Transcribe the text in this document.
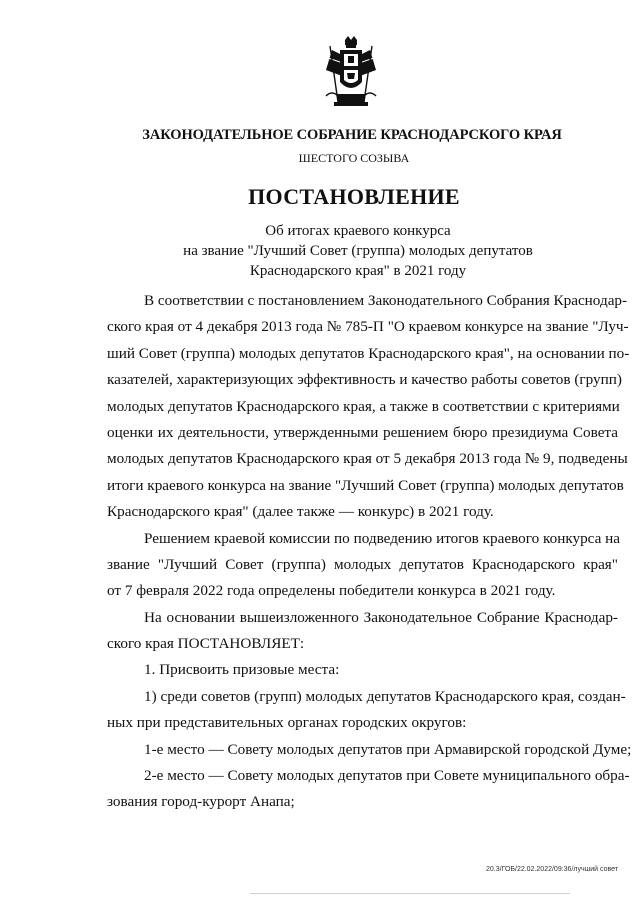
ЗАКОНОДАТЕЛЬНОЕ СОБРАНИЕ КРАСНОДАРСКОГО КРАЯ
ШЕСТОГО СОЗЫВА
ПОСТАНОВЛЕНИЕ
Об итогах краевого конкурса
на звание "Лучший Совет (группа) молодых депутатов
Краснодарского края" в 2021 году
В соответствии с постановлением Законодательного Собрания Краснодар-
ского края от 4 декабря 2013 года № 785-П "О краевом конкурсе на звание "Луч-
ший Совет (группа) молодых депутатов Краснодарского края", на основании по-
казателей, характеризующих эффективность и качество работы советов (групп)
молодых депутатов Краснодарского края, а также в соответствии с критериями
оценки их деятельности, утвержденными решением бюро президиума Совета
молодых депутатов Краснодарского края от 5 декабря 2013 года № 9, подведены
итоги краевого конкурса на звание "Лучший Совет (группа) молодых депутатов
Краснодарского края" (далее также — конкурс) в 2021 году.
Решением краевой комиссии по подведению итогов краевого конкурса на
звание "Лучший Совет (группа) молодых депутатов Краснодарского края"
от 7 февраля 2022 года определены победители конкурса в 2021 году.
На основании вышеизложенного Законодательное Собрание Краснодар-
ского края ПОСТАНОВЛЯЕТ:
1. Присвоить призовые места:
1) среди советов (групп) молодых депутатов Краснодарского края, создан-
ных при представительных органах городских округов:
1-е место — Совету молодых депутатов при Армавирской городской Думе;
2-е место — Совету молодых депутатов при Совете муниципального обра-
зования город-курорт Анапа;
20.3/ГОБ/22.02.2022/09:36/лучший совет
